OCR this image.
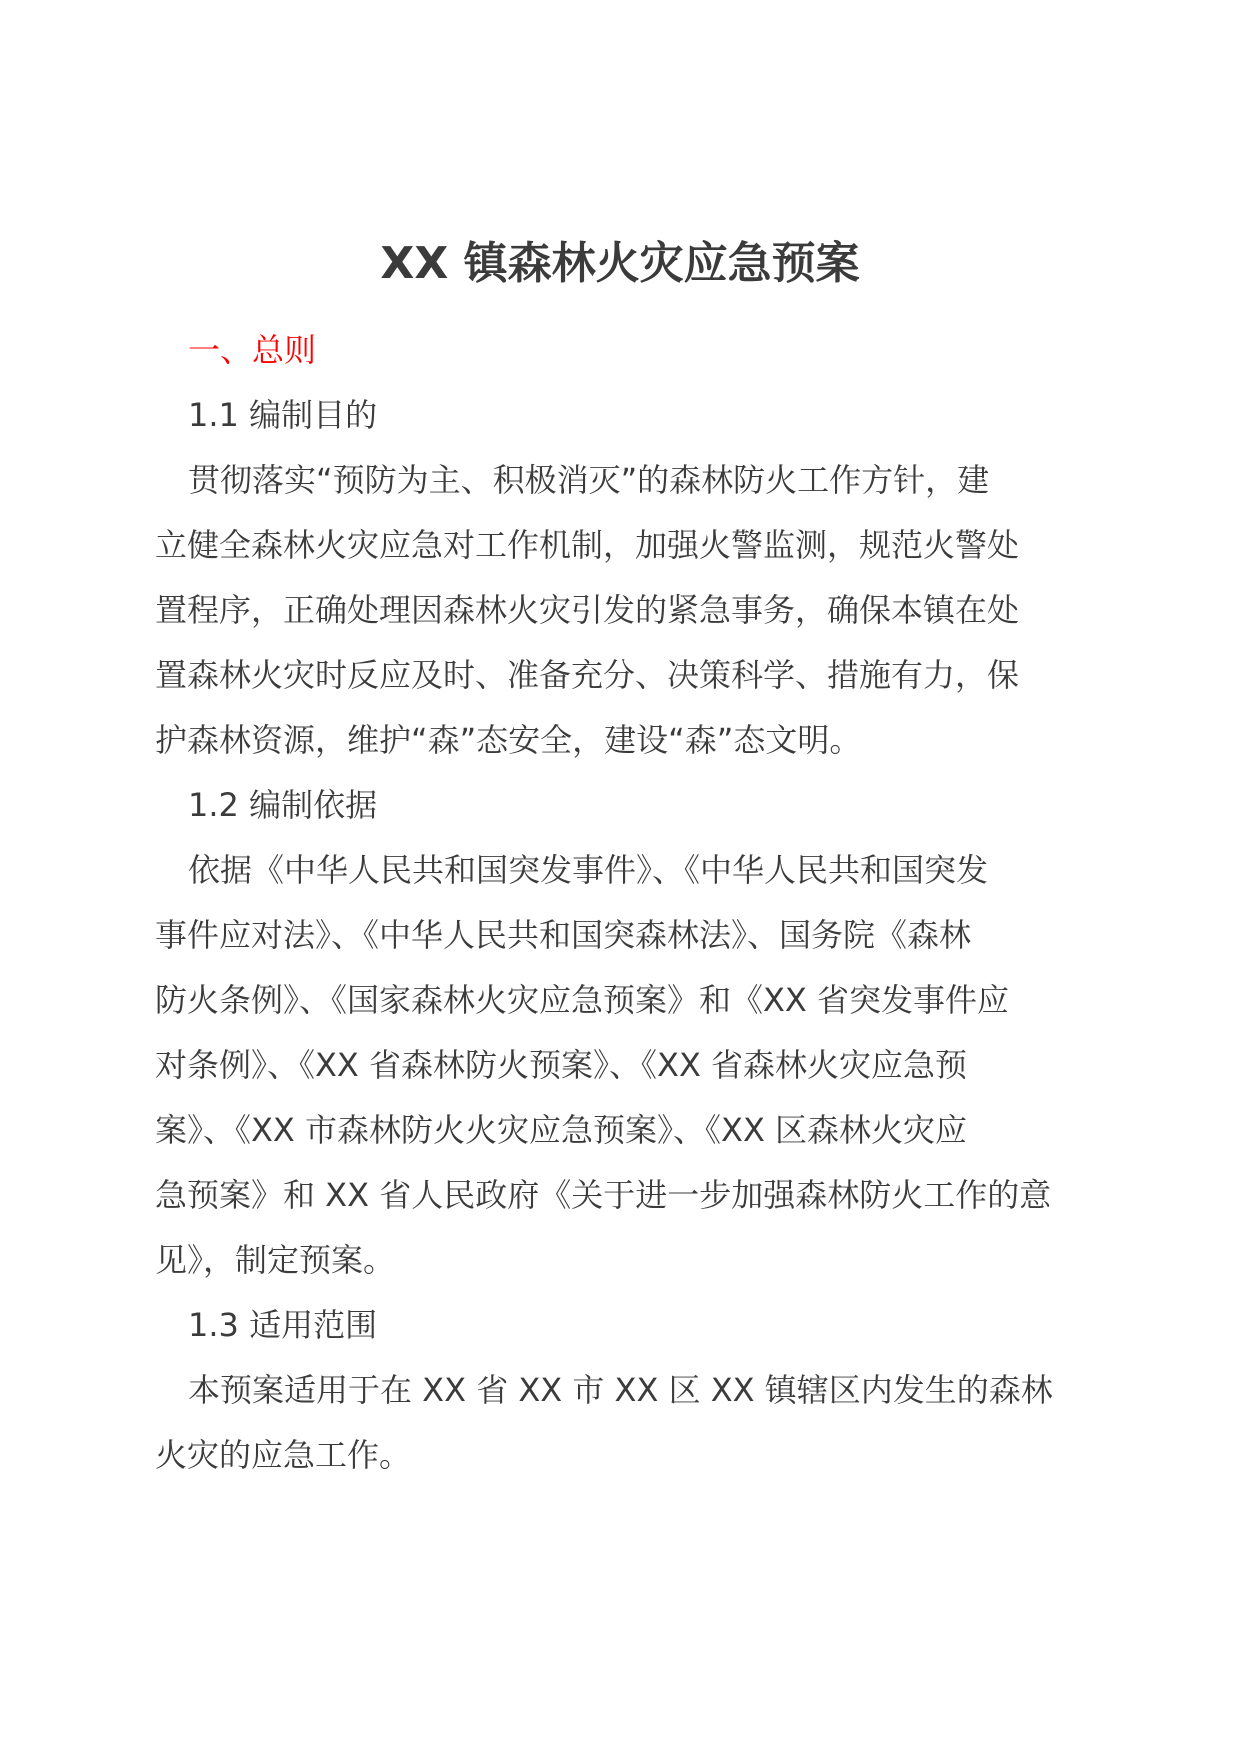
XX 镇森林火灾应急预案
一、总则
1.1 编制目的
贯彻落实“预防为主、积极消灭”的森林防火工作方针，建
立健全森林火灾应急对工作机制，加强火警监测，规范火警处
置程序，正确处理因森林火灾引发的紧急事务，确保本镇在处
置森林火灾时反应及时、准备充分、决策科学、措施有力，保
护森林资源，维护“森”态安全，建设“森”态文明。
1.2 编制依据
依据《中华人民共和国突发事件》、《中华人民共和国突发
事件应对法》、《中华人民共和国突森林法》、国务院《森林
防火条例》、《国家森林火灾应急预案》和《XX 省突发事件应
对条例》、《XX 省森林防火预案》、《XX 省森林火灾应急预
案》、《XX 市森林防火火灾应急预案》、《XX 区森林火灾应
急预案》和 XX 省人民政府《关于进一步加强森林防火工作的意
见》，制定预案。
1.3 适用范围
本预案适用于在 XX 省 XX 市 XX 区 XX 镇辖区内发生的森林
火灾的应急工作。
